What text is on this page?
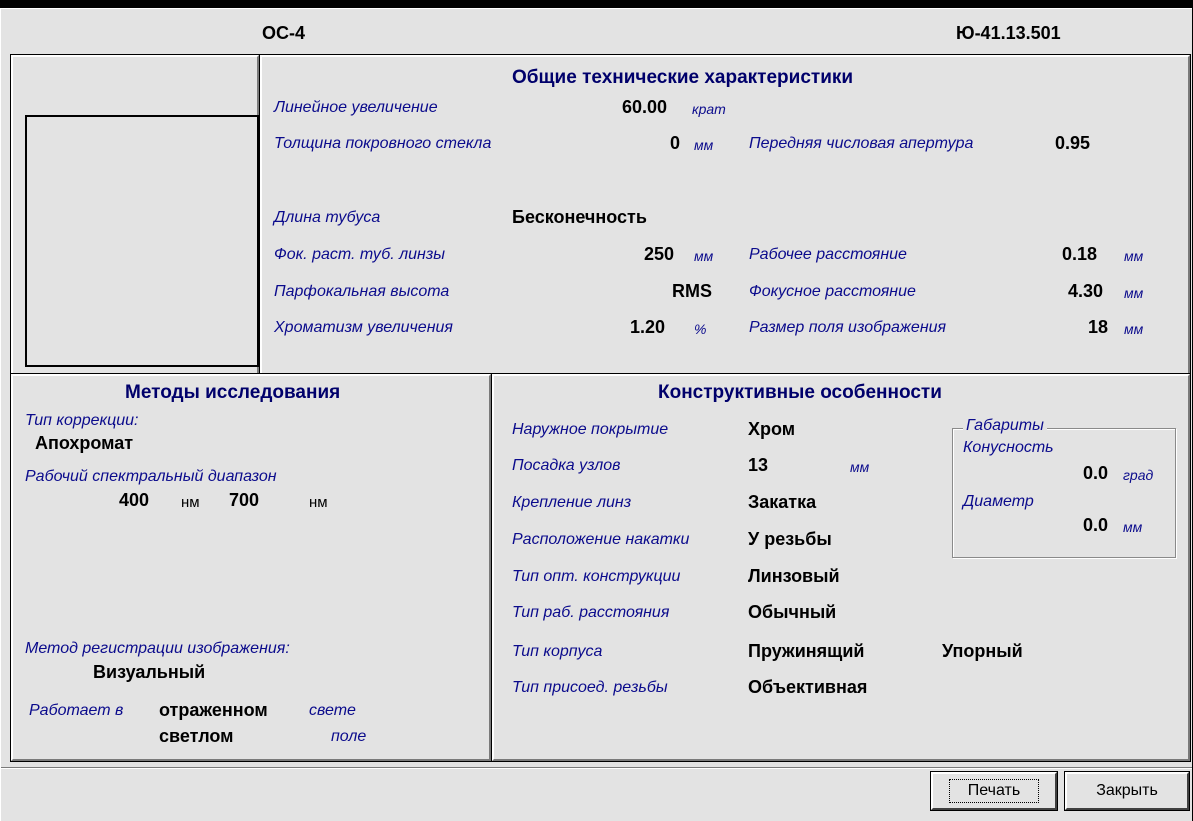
ОС-4	Ю-41.13.501
Общие технические характеристики
Линейное увеличение	60.00 крат
Толщина покровного стекла	0 мм Передняя числовая апертура	0.95
Длина тубуса	Бесконечность
Фок. раст. туб. линзы	250 мм Рабочее расстояние	0.18 мм
Парфокальная высота	RMS Фокусное расстояние	4.30 мм
Хроматизм увеличения	1.20 %	Размер поля изображения	18 мм
Методы исследования
Тип коррекции:
Апохромат
Рабочий спектральный диапазон
400 нм 700	нм
Метод регистрации изображения:
Визуальный
Работает в отраженном	свете
светлом	поле
Конструктивные особенности
Наружное покрытие	Хром
Посадка узлов	13	мм
Крепление линз	Закатка
Расположение накатки	У резьбы
Тип опт. конструкции	Линзовый
Тип раб. расстояния	Обычный
Тип корпуса	Пружинящий	Упорный
Тип присоед. резьбы	Объективная
Габариты
Конусность
0.0 град
Диаметр
0.0 мм
Печать	Закрыть
